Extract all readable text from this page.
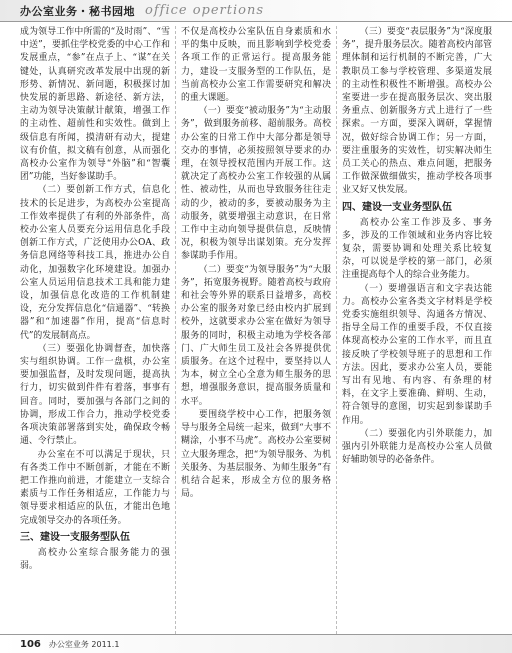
办公室业务・秘书园地 office opertions

成为领导工作中所需的“及时雨”、“雪中送”，要抓住学校党委的中心工作和发展重点，“参”在点子上、“谋”在关键处，认真研究改革发展中出现的新形势、新情况、新问题，积极探讨加快发展的新思路、新途径、新方法，主动为领导决策献计献策，增强工作的主动性、超前性和实效性。做到上级信息有所闻，摸清研有动大，提建议有价值，拟文稿有创意，从而强化高校办公室作为领导“外脑”和“智囊团”功能，当好参谋助手。

（二）要创新工作方式，信息化技术的长足进步，为高校办公室提高工作效率提供了有利的外部条件，高校办公室人员要充分运用信息化手段创新工作方式，广泛使用办公OA、政务信息网络等科技工具，推进办公自动化，加强数字化环境建设。加强办公室人员运用信息技术工具和能力建设，加强信息化改造的工作机制建设，充分发挥信息化“信通器”、“转换器”和“加速器”作用，提高“信息时代”的发展制高点。

（三）要强化协调督查，加快落实与组织协调。工作一盘棋，办公室要加强监督，及时发现问题，提高执行力，切实做到件件有着落，事事有回音。同时，要加强与各部门之间的协调，形成工作合力，推动学校党委各项决策部署落到实处，确保政令畅通、令行禁止。

办公室在不可以满足于现状，只有各类工作中不断创新，才能在不断把工作推向前进，才能建立一支综合素质与工作任务相适应，工作能力与领导要求相适应的队伍，才能出色地完成领导交办的各项任务。

三、建设一支服务型队伍

高校办公室综合服务能力的强弱。

不仅是高校办公室队伍自身素质和水平的集中反映，而且影响到学校党委各项工作的正常运行。提高服务能力，建设一支服务型的工作队伍，是当前高校办公室工作需要研究和解决的重大课题。

（一）要变“被动服务”为“主动服务”，做到服务前移、超前服务。高校办公室的日常工作中大部分都是领导交办的事情，必须按照领导要求的办理，在领导授权范围内开展工作。这就决定了高校办公室工作较强的从属性、被动性，从而也导致服务往往走动的少，被动的多，要被动服务为主动服务，就要增强主动意识，在日常工作中主动向领导提供信息，反映情况，积极为领导出谋划策。充分发挥参谋助手作用。

（二）要变“为领导服务”为“大服务”，拓宽服务视野。随着高校与政府和社会等外界的联系日益增多，高校办公室的服务对象已经由校内扩展到校外，这就要求办公室在做好为领导服务的同时，积极主动地为学校各部门、广大师生员工及社会各界提供优质服务。在这个过程中，要坚持以人为本，树立全心全意为师生服务的思想，增强服务意识，提高服务质量和水平。

要围绕学校中心工作，把服务领导与服务全局统一起来，做到“大事不糊涂，小事不马虎”。高校办公室要树立大服务理念，把“为领导服务、为机关服务、为基层服务、为师生服务”有机结合起来，形成全方位的服务格局。

（三）要变“表层服务”为“深度服务”，提升服务层次。随着高校内部管理体制和运行机制的不断完善，广大教职员工参与学校管理、多渠道发展的主动性积极性不断增强。高校办公室要进一步在提高服务层次、突出服务重点、创新服务方式上进行了一些探索。一方面，要深入调研，掌握情况，做好综合协调工作；另一方面，要注重服务的实效性，切实解决师生员工关心的热点、难点问题，把服务工作做深做细做实，推动学校各项事业又好又快发展。

四、建设一支业务型队伍

高校办公室工作涉及多、事务多，涉及的工作领域和业务内容比较复杂，需要协调和处理关系比较复杂，可以说是学校的第一部门，必须注重提高每个人的综合业务能力。

（一）要增强语言和文字表达能力。高校办公室各类文字材料是学校党委实施组织领导、沟通各方情况、指导全局工作的重要手段，不仅直接体现高校办公室的工作水平，而且直接反映了学校领导班子的思想和工作方法。因此，要求办公室人员，要能写出有见地、有内容、有条理的材料，在文字上要准确、鲜明、生动，符合领导的意图，切实起到参谋助手作用。

（二）要强化内引外联能力，加强内引外联能力是高校办公室人员做好辅助领导的必备条件。

106 办公室业务 2011.1
